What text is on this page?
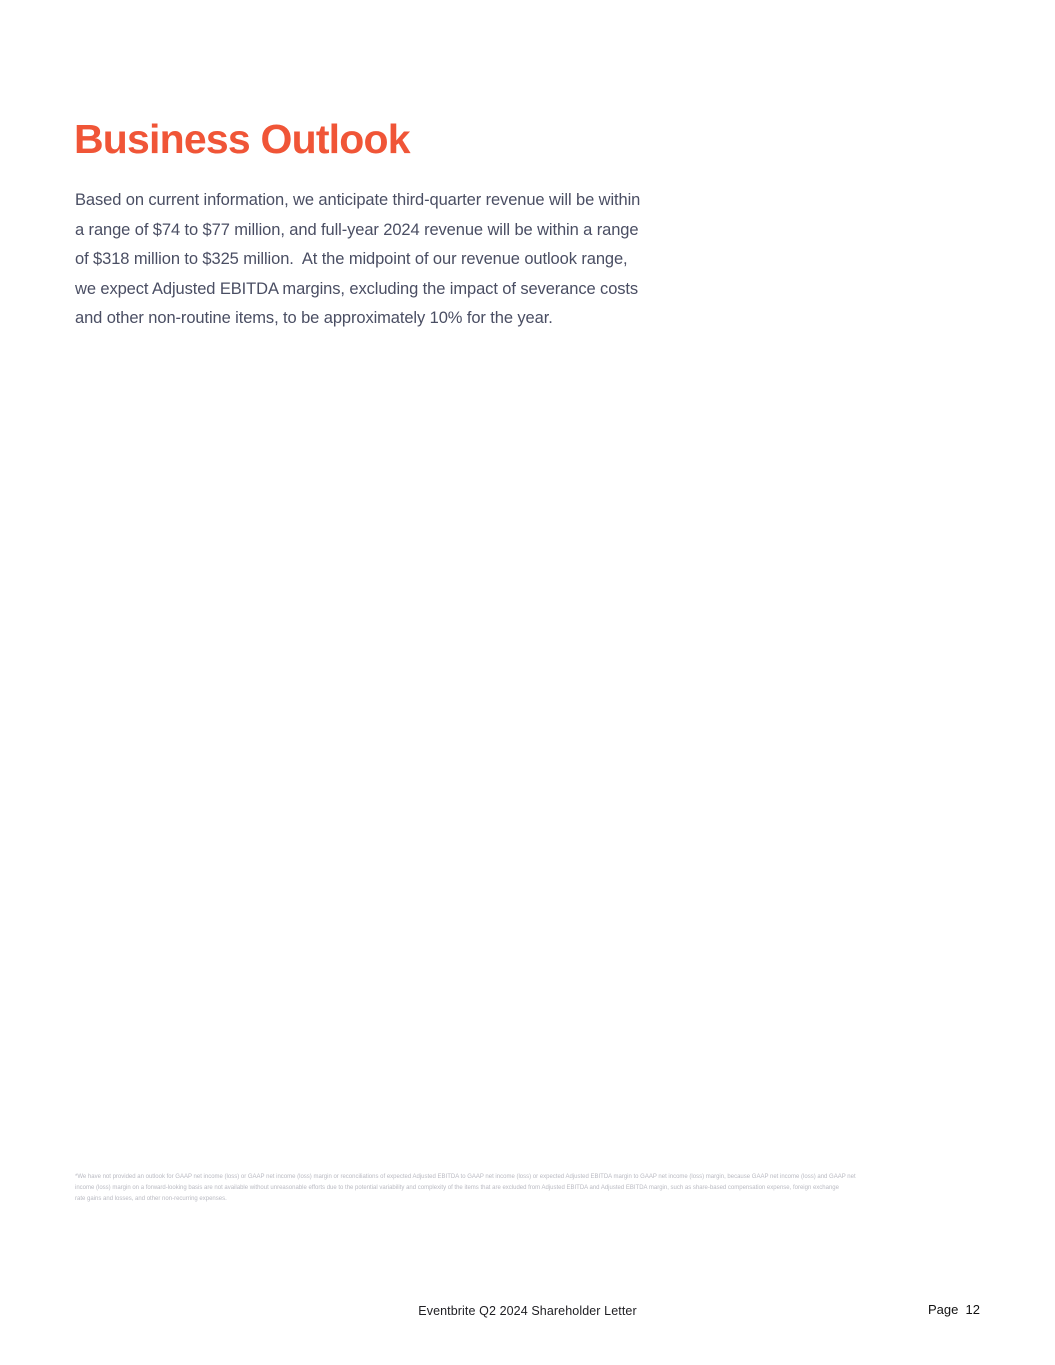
Business Outlook
Based on current information, we anticipate third-quarter revenue will be within
a range of $74 to $77 million, and full-year 2024 revenue will be within a range
of $318 million to $325 million.  At the midpoint of our revenue outlook range,
we expect Adjusted EBITDA margins, excluding the impact of severance costs
and other non-routine items, to be approximately 10% for the year.
*We have not provided an outlook for GAAP net income (loss) or GAAP net income (loss) margin or reconciliations of expected Adjusted EBITDA to GAAP net income (loss) or expected Adjusted EBITDA margin to GAAP net income (loss) margin, because GAAP net income (loss) and GAAP net
income (loss) margin on a forward-looking basis are not available without unreasonable efforts due to the potential variability and complexity of the items that are excluded from Adjusted EBITDA and Adjusted EBITDA margin, such as share-based compensation expense, foreign exchange
rate gains and losses, and other non-recurring expenses.
Eventbrite Q2 2024 Shareholder Letter	Page  12
